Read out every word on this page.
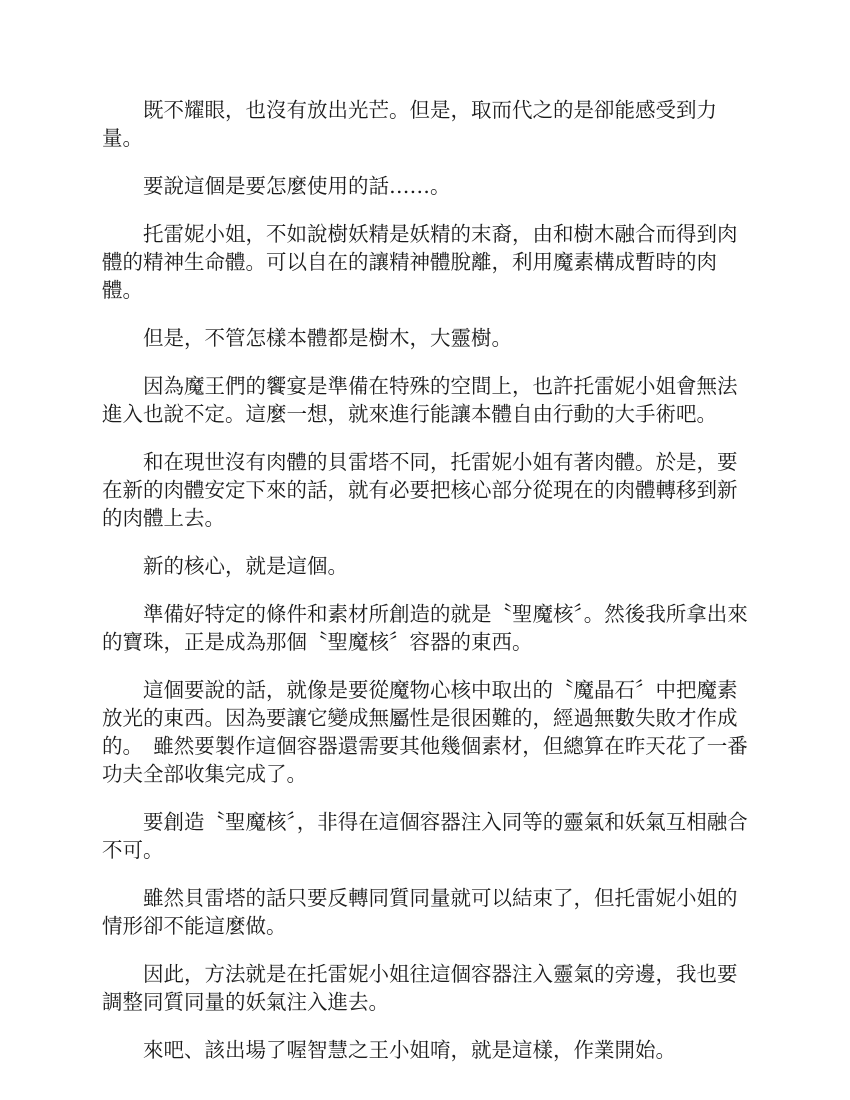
既不耀眼，也沒有放出光芒。但是，取而代之的是卻能感受到力量。

要說這個是要怎麼使用的話……。

托雷妮小姐，不如說樹妖精是妖精的末裔，由和樹木融合而得到肉體的精神生命體。可以自在的讓精神體脫離，利用魔素構成暫時的肉體。

但是，不管怎樣本體都是樹木，大靈樹。

因為魔王們的饗宴是準備在特殊的空間上，也許托雷妮小姐會無法進入也說不定。這麼一想，就來進行能讓本體自由行動的大手術吧。

和在現世沒有肉體的貝雷塔不同，托雷妮小姐有著肉體。於是，要在新的肉體安定下來的話，就有必要把核心部分從現在的肉體轉移到新的肉體上去。

新的核心，就是這個。

準備好特定的條件和素材所創造的就是〝聖魔核〞。然後我所拿出來的寶珠，正是成為那個〝聖魔核〞容器的東西。

這個要說的話，就像是要從魔物心核中取出的〝魔晶石〞中把魔素放光的東西。因為要讓它變成無屬性是很困難的，經過無數失敗才作成的。　雖然要製作這個容器還需要其他幾個素材，但總算在昨天花了一番功夫全部收集完成了。

要創造〝聖魔核〞，非得在這個容器注入同等的靈氣和妖氣互相融合不可。

雖然貝雷塔的話只要反轉同質同量就可以結束了，但托雷妮小姐的情形卻不能這麼做。

因此，方法就是在托雷妮小姐往這個容器注入靈氣的旁邊，我也要調整同質同量的妖氣注入進去。

來吧、該出場了喔智慧之王小姐唷，就是這樣，作業開始。
